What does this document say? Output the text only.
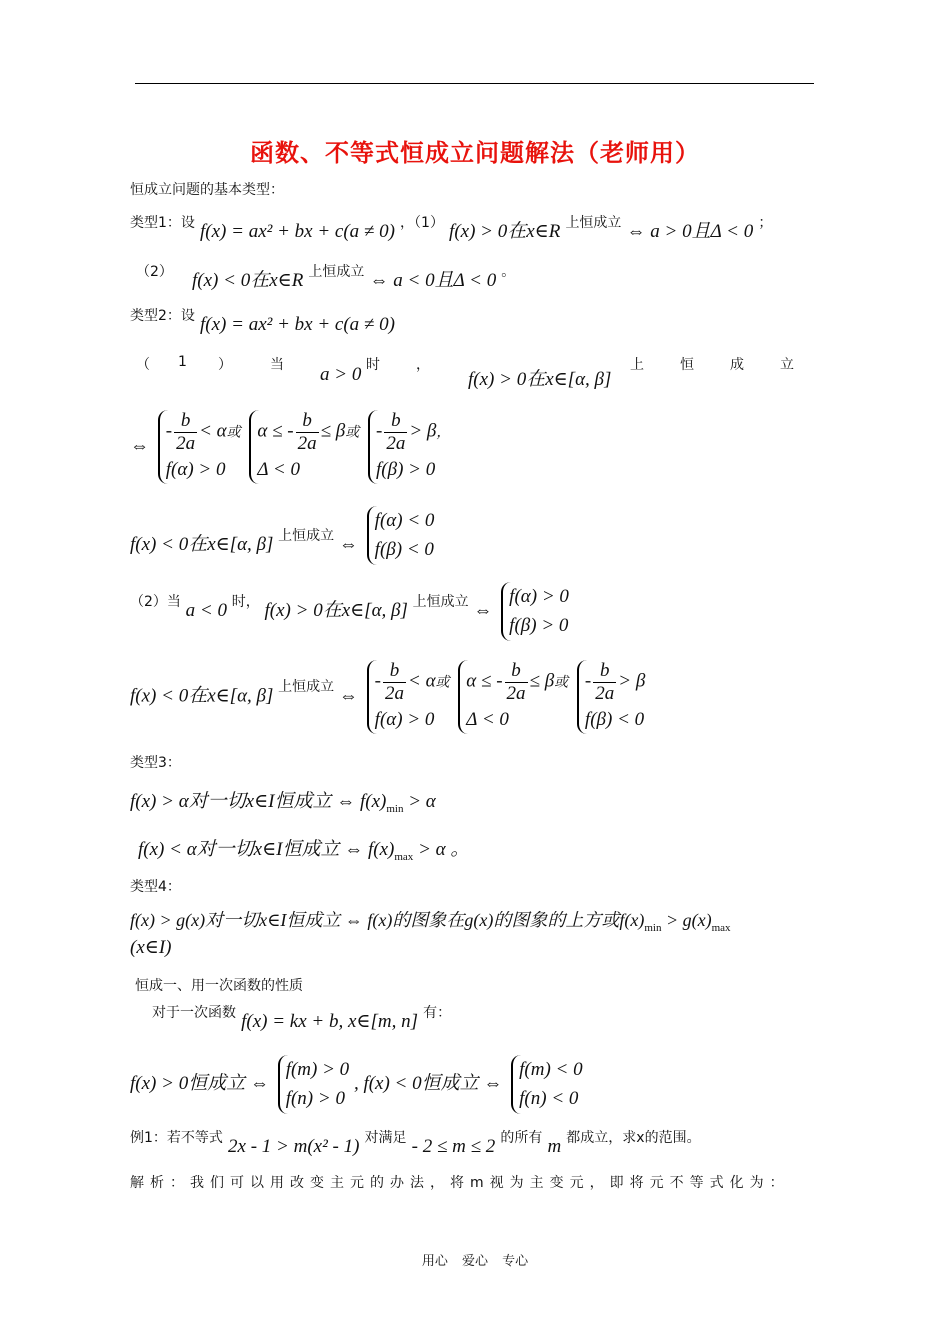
函数、不等式恒成立问题解法（老师用）
恒成立问题的基本类型：
类型1：设 f(x) = ax² + bx + c(a ≠ 0) ，（1） f(x) > 0在x∈R 上恒成立 ⇔ a > 0且Δ < 0 ；
（2） f(x) < 0在x∈R 上恒成立 ⇔ a < 0且Δ < 0 。
类型2：设 f(x) = ax² + bx + c(a ≠ 0)
（ 1 ）	当 a > 0 时	，
f(x) > 0在x∈[α, β]
上	恒	成	立
⇔
- $\frac{b}{2a} < \alpha$或
f(α) > 0

α ≤ - $\frac{b}{2a} \le \beta$或
Δ < 0

- $\frac{b}{2a} > \beta$，
f(β) > 0
f(x) < 0在x∈[α, β] 上恒成立 ⇔
f(α) < 0
f(β) < 0
$^{(2)当}$ a < 0 $^{时,}$ f(x) > 0在x∈[α, β] $^{上恒成立}$ ⇔
f(α) > 0
f(β) > 0
f(x) < 0在x∈[α, β] $^{上恒成立}$ ⇔
- $\frac{b}{2a} < \alpha$或
f(α) > 0

α ≤ - $\frac{b}{2a} \le \beta$或
Δ < 0

- $\frac{b}{2a} > \beta$
f(β) < 0
类型3：
f(x) > α对一切x∈I恒成立 ⇔ $f(x)_{min} > \alpha$
f(x) < α对一切x∈I恒成立 ⇔ $f(x)_{max} > \alpha$ 。
类型4：
f(x) > g(x)对一切x∈I恒成立 ⇔ f(x)的图象在g(x)的图象的上方或$f(x)_{min} > g(x)_{max}$
(x∈I)
恒成一、用一次函数的性质
对于一次函数 f(x) = kx + b, x∈[m, n] 有：
f(x) > 0恒成立 ⇔
f(m) > 0
f(n) > 0
, f(x) < 0恒成立 ⇔
f(m) < 0
f(n) < 0
例1：若不等式 2x - 1 > m(x² - 1) 对满足 - 2 ≤ m ≤ 2 的所有 m 都成立，求x的范围。
解析：我们可以用改变主元的办法，将m视为主变元，即将元不等式化为：
用心 爱心 专心
